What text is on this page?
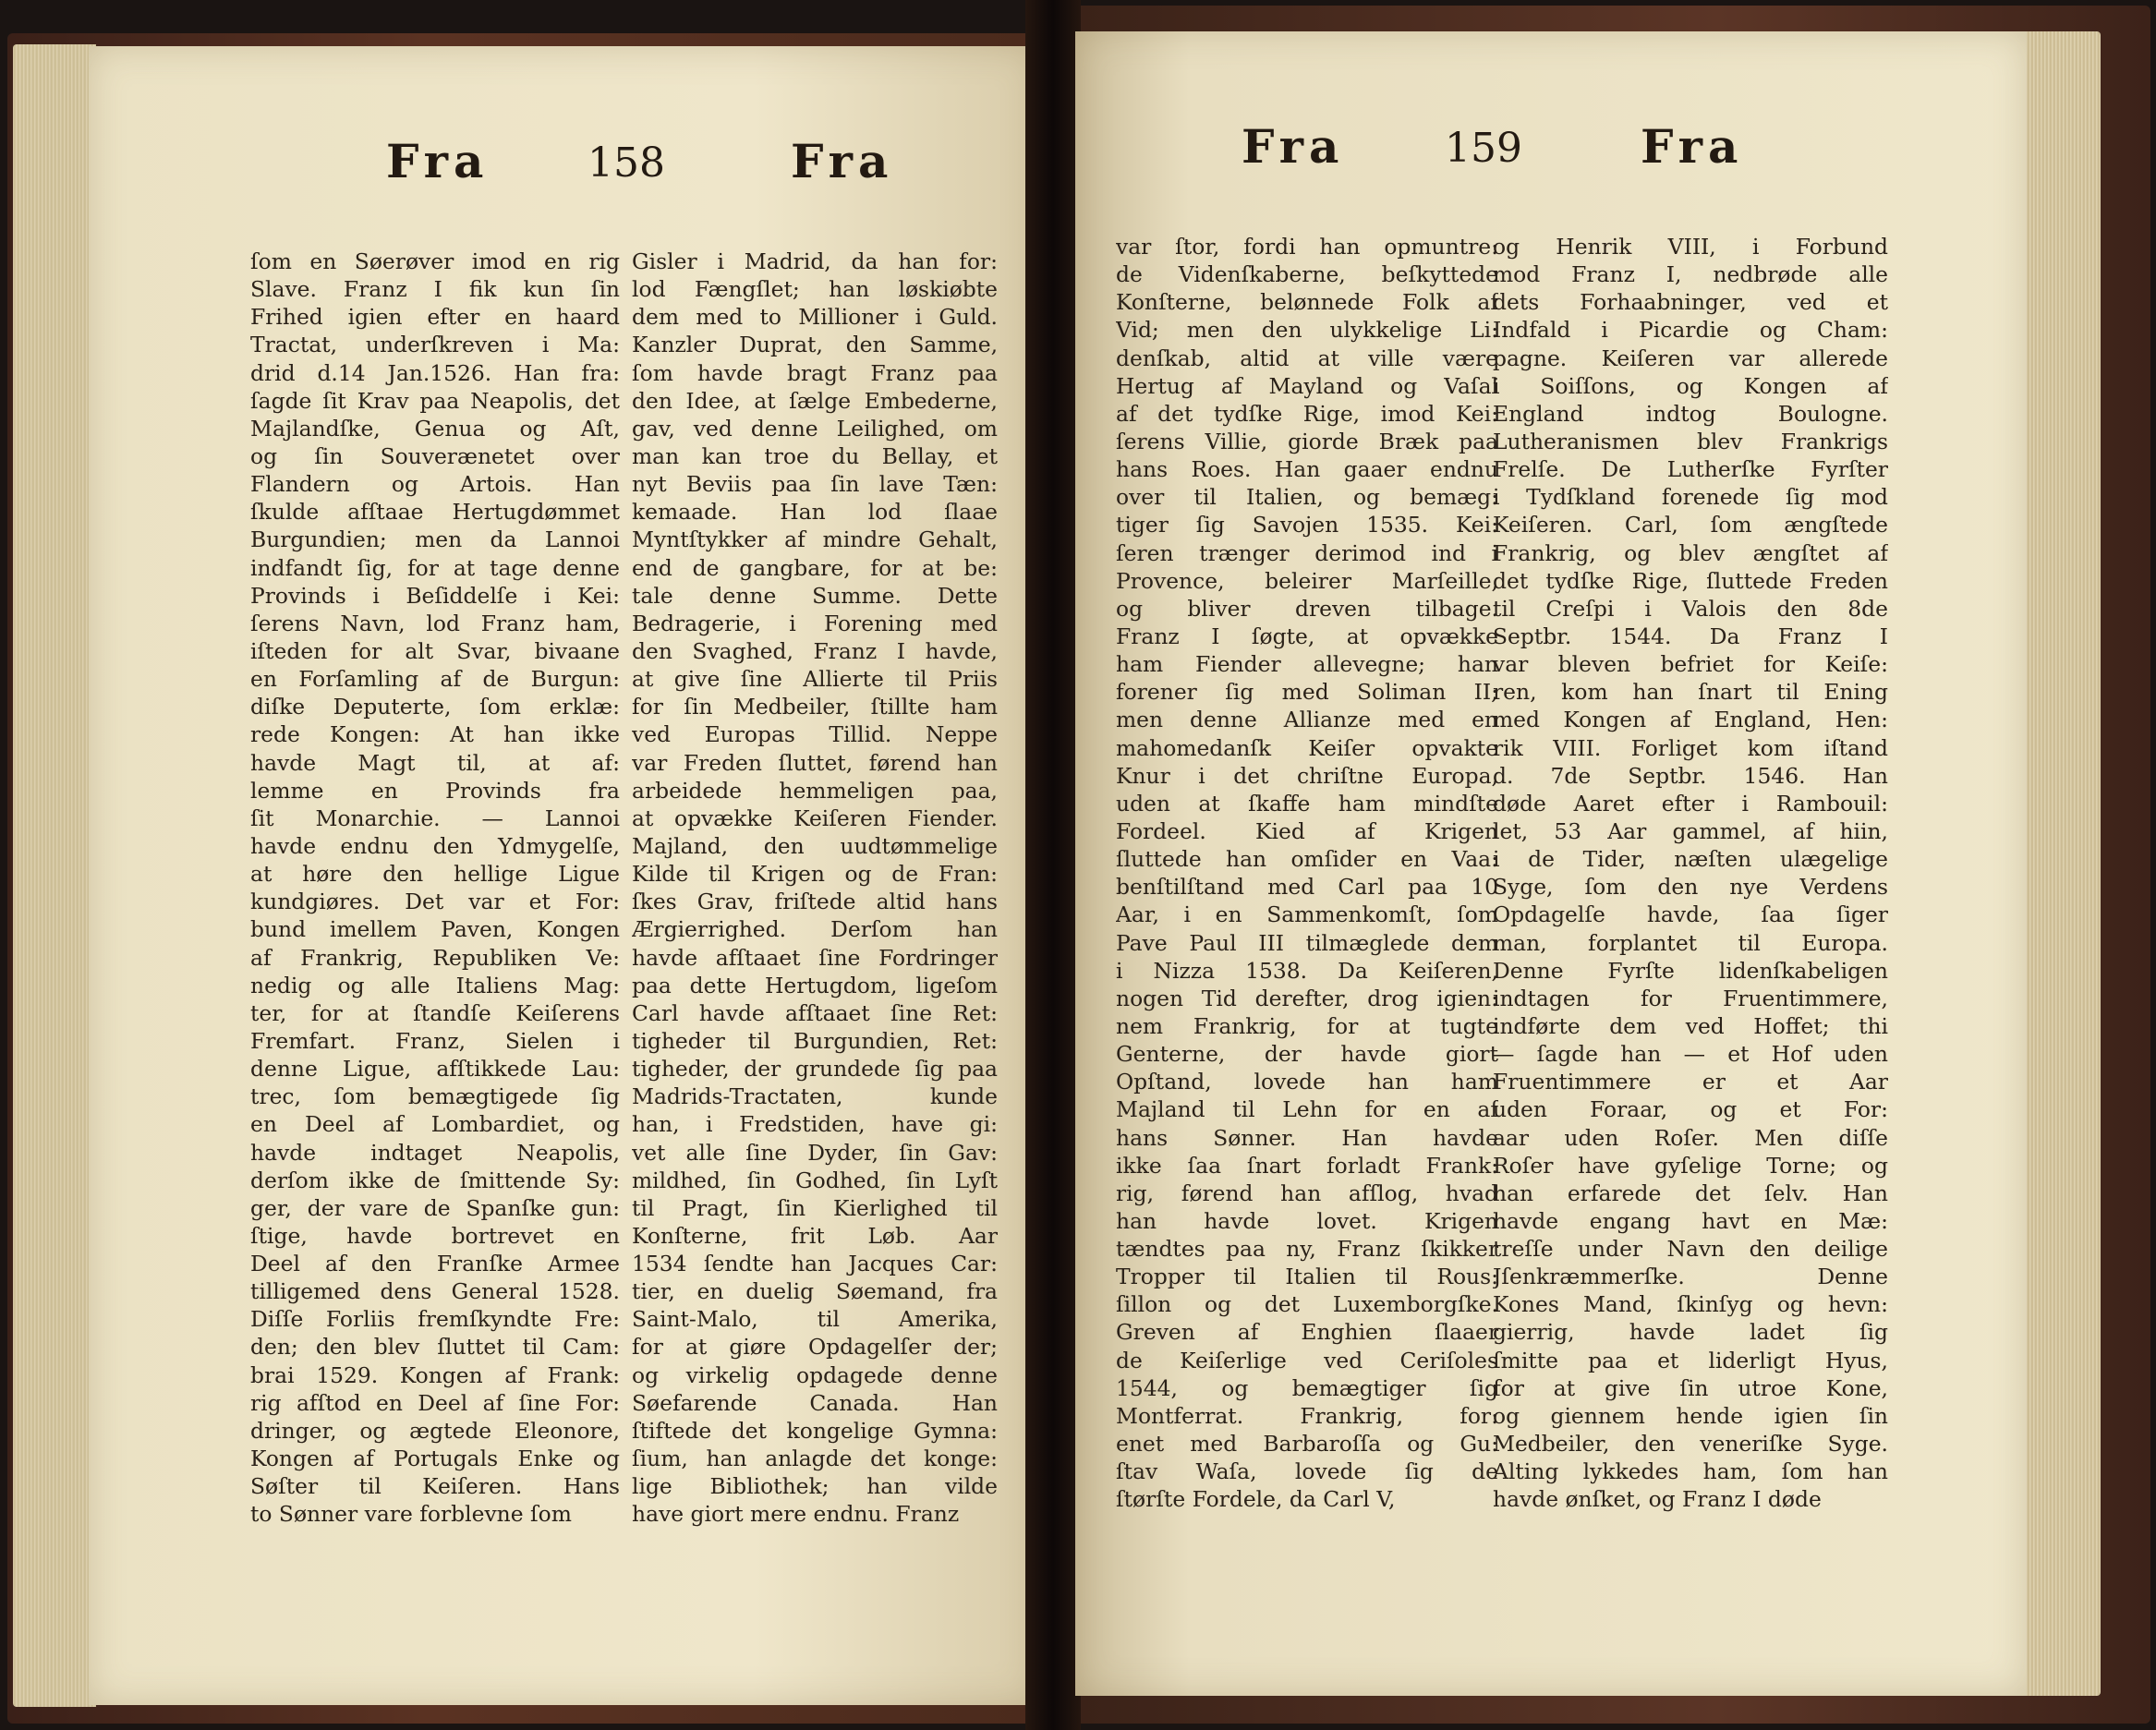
Fra 158	Fra
ſom en Søerøver imod en rig
Slave. Franz I fik kun ſin
Frihed igien efter en haard
Tractat, underſkreven i Ma:
drid d.14 Jan.1526. Han fra:
ſagde ſit Krav paa Neapolis, det
Majlandſke, Genua og Aſt,
og ſin Souverænetet over
Flandern og Artois. Han
ſkulde afſtaae Hertugdømmet
Burgundien; men da Lannoi
indfandt ſig, for at tage denne
Provinds i Beſiddelſe i Kei:
ſerens Navn, lod Franz ham,
iſteden for alt Svar, bivaane
en Forſamling af de Burgun:
diſke Deputerte, ſom erklæ:
rede Kongen: At han ikke
havde Magt til, at af:
lemme en Provinds fra
ſit Monarchie. — Lannoi
havde endnu den Ydmygelſe,
at høre den hellige Ligue
kundgiøres. Det var et For:
bund imellem Paven, Kongen
af Frankrig, Republiken Ve:
nedig og alle Italiens Mag:
ter, for at ſtandſe Keiſerens
Fremfart. Franz, Sielen i
denne Ligue, afſtikkede Lau:
trec, ſom bemægtigede ſig
en Deel af Lombardiet, og
havde indtaget Neapolis,
derſom ikke de ſmittende Sy:
ger, der vare de Spanſke gun:
ſtige, havde bortrevet en
Deel af den Franſke Armee
tilligemed dens General 1528.
Diſſe Forliis fremſkyndte Fre:
den; den blev ſluttet til Cam:
brai 1529. Kongen af Frank:
rig afſtod en Deel af ſine For:
dringer, og ægtede Eleonore,
Kongen af Portugals Enke og
Søſter til Keiſeren. Hans
to Sønner vare forblevne ſom
Gisler i Madrid, da han for:
lod Fængſlet; han løskiøbte
dem med to Millioner i Guld.
Kanzler Duprat, den Samme,
ſom havde bragt Franz paa
den Idee, at ſælge Embederne,
gav, ved denne Leilighed, om
man kan troe du Bellay, et
nyt Beviis paa ſin lave Tæn:
kemaade. Han lod ſlaae
Myntſtykker af mindre Gehalt,
end de gangbare, for at be:
tale denne Summe. Dette
Bedragerie, i Forening med
den Svaghed, Franz I havde,
at give ſine Allierte til Priis
for ſin Medbeiler, ſtillte ham
ved Europas Tillid. Neppe
var Freden ſluttet, førend han
arbeidede hemmeligen paa,
at opvække Keiſeren Fiender.
Majland, den uudtømmelige
Kilde til Krigen og de Fran:
ſkes Grav, friſtede altid hans
Ærgierrighed. Derſom han
havde afſtaaet ſine Fordringer
paa dette Hertugdom, ligeſom
Carl havde afſtaaet ſine Ret:
tigheder til Burgundien, Ret:
tigheder, der grundede ſig paa
Madrids-Tractaten, kunde
han, i Fredstiden, have gi:
vet alle ſine Dyder, ſin Gav:
mildhed, ſin Godhed, ſin Lyſt
til Pragt, ſin Kierlighed til
Konſterne, frit Løb. Aar
1534 ſendte han Jacques Car:
tier, en duelig Søemand, fra
Saint-Malo, til Amerika,
for at giøre Opdagelſer der;
og virkelig opdagede denne
Søefarende Canada. Han
ſtiftede det kongelige Gymna:
ſium, han anlagde det konge:
lige Bibliothek; han vilde
have giort mere endnu. Franz
Fra 159	Fra
var ſtor, fordi han opmuntre:
de Videnſkaberne, beſkyttede
Konſterne, belønnede Folk af
Vid; men den ulykkelige Li:
denſkab, altid at ville være
Hertug af Mayland og Vaſal
af det tydſke Rige, imod Kei:
ſerens Villie, giorde Bræk paa
hans Roes. Han gaaer endnu
over til Italien, og bemæg:
tiger ſig Savojen 1535. Kei:
ſeren trænger derimod ind i
Provence, beleirer Marſeille,
og bliver dreven tilbage.
Franz I ſøgte, at opvække
ham Fiender allevegne; han
forener ſig med Soliman II;
men denne Allianze med en
mahomedanſk Keiſer opvakte
Knur i det chriſtne Europa,
uden at ſkaffe ham mindſte
Fordeel. Kied af Krigen
ſluttede han omſider en Vaa:
benſtilſtand med Carl paa 10
Aar, i en Sammenkomſt, ſom
Pave Paul III tilmæglede dem
i Nizza 1538. Da Keiſeren,
nogen Tid derefter, drog igien:
nem Frankrig, for at tugte
Genterne, der havde giort
Opſtand, lovede han ham
Majland til Lehn for en af
hans Sønner. Han havde
ikke ſaa ſnart forladt Frank:
rig, førend han afſlog, hvad
han havde lovet. Krigen
tændtes paa ny, Franz ſkikker
Tropper til Italien til Rous:
ſillon og det Luxemborgſke.
Greven af Enghien ſlaaer
de Keiſerlige ved Ceriſoles
1544, og bemægtiger ſig
Montferrat. Frankrig, for:
enet med Barbaroſſa og Gu:
ſtav Waſa, lovede ſig de
ſtørſte Fordele, da Carl V,
og Henrik VIII, i Forbund
mod Franz I, nedbrøde alle
dets Forhaabninger, ved et
Indfald i Picardie og Cham:
pagne. Keiſeren var allerede
i Soiſſons, og Kongen af
England indtog Boulogne.
Lutheranismen blev Frankrigs
Frelſe. De Lutherſke Fyrſter
i Tydſkland forenede ſig mod
Keiſeren. Carl, ſom ængſtede
Frankrig, og blev ængſtet af
det tydſke Rige, ſluttede Freden
til Creſpi i Valois den 8de
Septbr. 1544. Da Franz I
var bleven befriet for Keiſe:
ren, kom han ſnart til Ening
med Kongen af England, Hen:
rik VIII. Forliget kom iſtand
d. 7de Septbr. 1546. Han
døde Aaret efter i Rambouil:
let, 53 Aar gammel, af hiin,
i de Tider, næſten ulægelige
Syge, ſom den nye Verdens
Opdagelſe havde, ſaa ſiger
man, forplantet til Europa.
Denne Fyrſte lidenſkabeligen
indtagen for Fruentimmere,
indførte dem ved Hoffet; thi
— ſagde han — et Hof uden
Fruentimmere er et Aar
uden Foraar, og et For:
aar uden Roſer. Men diſſe
Roſer have gyſelige Torne; og
han erfarede det ſelv. Han
havde engang havt en Mæ:
treſſe under Navn den deilige
Jſenkræmmerſke. Denne
Kones Mand, ſkinſyg og hevn:
gierrig, havde ladet ſig
ſmitte paa et liderligt Hyus,
for at give ſin utroe Kone,
og giennem hende igien ſin
Medbeiler, den veneriſke Syge.
Alting lykkedes ham, ſom han
havde ønſket, og Franz I døde
